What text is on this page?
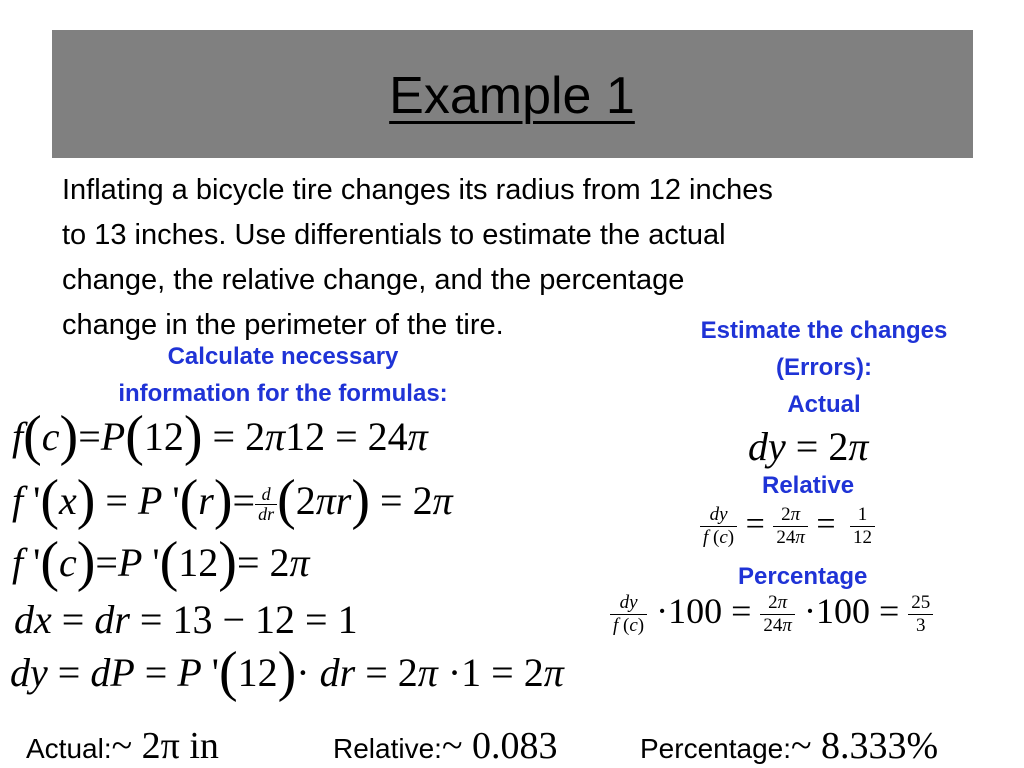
Example 1
Inflating a bicycle tire changes its radius from 12 inches
to 13 inches. Use differentials to estimate the actual
change, the relative change, and the percentage
change in the perimeter of the tire.
Calculate necessary
information for the formulas:
Estimate the changes
(Errors):
Actual
f(c)=P(12) = 2π12 = 24π
f '(x) = P '$(r)= \frac{d}{dr} (2\pi r) = 2\pi$
f '(c)=P '(12)= 2π
dx = dr = 13 − 12 = 1
dy = dP = P '(12)· dr = 2π ·1 = 2π
dy = 2π
Relative
$\frac{dy}{f (c)} = \frac{2\pi}{24\pi} = \frac{1}{12}$
Percentage
$\frac{dy}{f (c)} \cdot 100 = \frac{2\pi}{24\pi} \cdot 100 = \frac{25}{3}$
Actual:~ 2π in	Relative:~ 0.083	Percentage:~ 8.333%
